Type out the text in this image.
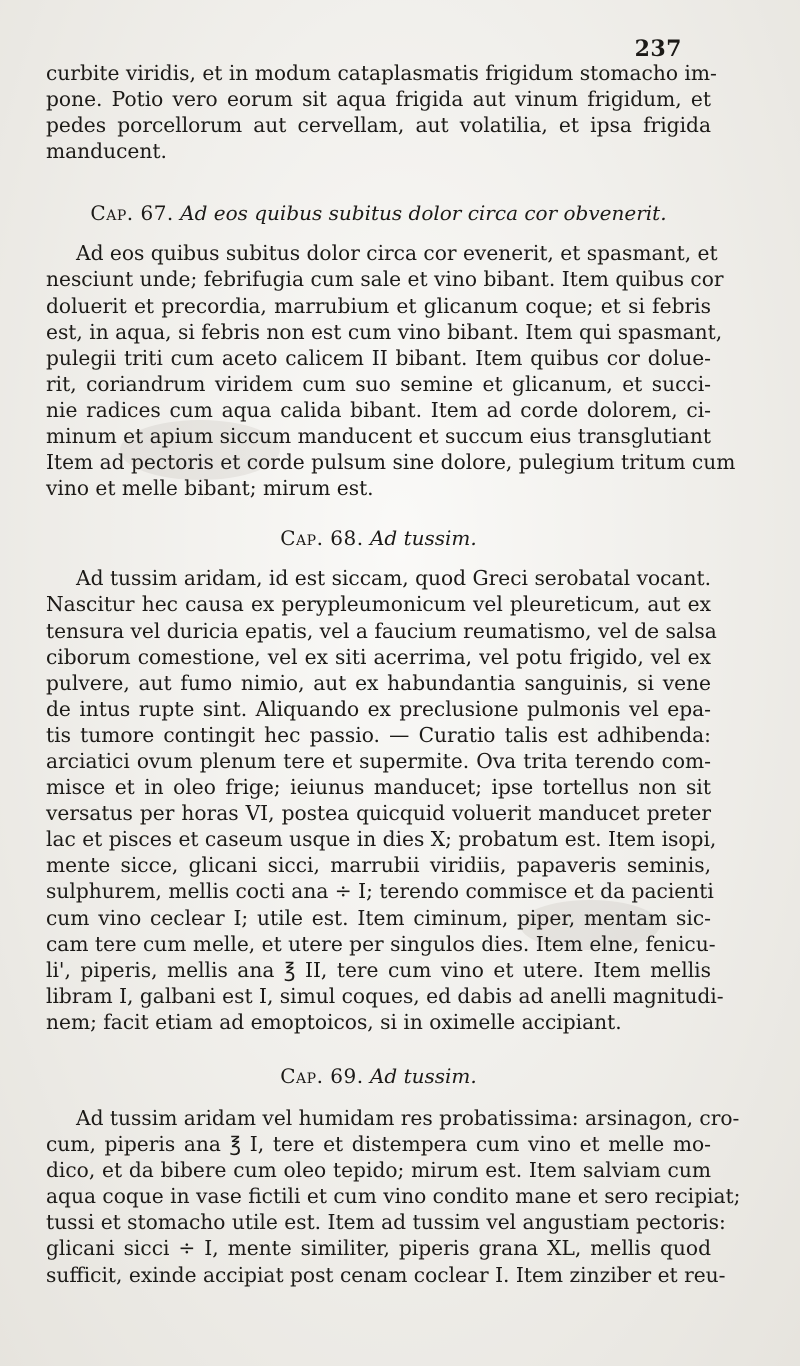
237

curbite viridis, et in modum cataplasmatis frigidum stomacho im-
pone. Potio vero eorum sit aqua frigida aut vinum frigidum, et
pedes porcellorum aut cervellam, aut volatilia, et ipsa frigida
manducent.

Cap. 67. Ad eos quibus subitus dolor circa cor obvenerit.

Ad eos quibus subitus dolor circa cor evenerit, et spasmant, et
nesciunt unde; febrifugia cum sale et vino bibant. Item quibus cor
doluerit et precordia, marrubium et glicanum coque; et si febris
est, in aqua, si febris non est cum vino bibant. Item qui spasmant,
pulegii triti cum aceto calicem II bibant. Item quibus cor dolue-
rit, coriandrum viridem cum suo semine et glicanum, et succi-
nie radices cum aqua calida bibant. Item ad corde dolorem, ci-
minum et apium siccum manducent et succum eius transglutiant
Item ad pectoris et corde pulsum sine dolore, pulegium tritum cum
vino et melle bibant; mirum est.

Cap. 68. Ad tussim.

Ad tussim aridam, id est siccam, quod Greci serobatal vocant.
Nascitur hec causa ex perypleumonicum vel pleureticum, aut ex
tensura vel duricia epatis, vel a faucium reumatismo, vel de salsa
ciborum comestione, vel ex siti acerrima, vel potu frigido, vel ex
pulvere, aut fumo nimio, aut ex habundantia sanguinis, si vene
de intus rupte sint. Aliquando ex preclusione pulmonis vel epa-
tis tumore contingit hec passio. — Curatio talis est adhibenda:
arciatici ovum plenum tere et supermite. Ova trita terendo com-
misce et in oleo frige; ieiunus manducet; ipse tortellus non sit
versatus per horas VI, postea quicquid voluerit manducet preter
lac et pisces et caseum usque in dies X; probatum est. Item isopi,
mente sicce, glicani sicci, marrubii viridiis, papaveris seminis,
sulphurem, mellis cocti ana ÷ I; terendo commisce et da pacienti
cum vino ceclear I; utile est. Item ciminum, piper, mentam sic-
cam tere cum melle, et utere per singulos dies. Item elne, fenicu-
li', piperis, mellis ana ℥ II, tere cum vino et utere. Item mellis
libram I, galbani est I, simul coques, ed dabis ad anelli magnitudi-
nem; facit etiam ad emoptoicos, si in oximelle accipiant.

Cap. 69. Ad tussim.

Ad tussim aridam vel humidam res probatissima: arsinagon, cro-
cum, piperis ana ℥ I, tere et distempera cum vino et melle mo-
dico, et da bibere cum oleo tepido; mirum est. Item salviam cum
aqua coque in vase fictili et cum vino condito mane et sero recipiat;
tussi et stomacho utile est. Item ad tussim vel angustiam pectoris:
glicani sicci ÷ I, mente similiter, piperis grana XL, mellis quod
sufficit, exinde accipiat post cenam coclear I. Item zinziber et reu-
